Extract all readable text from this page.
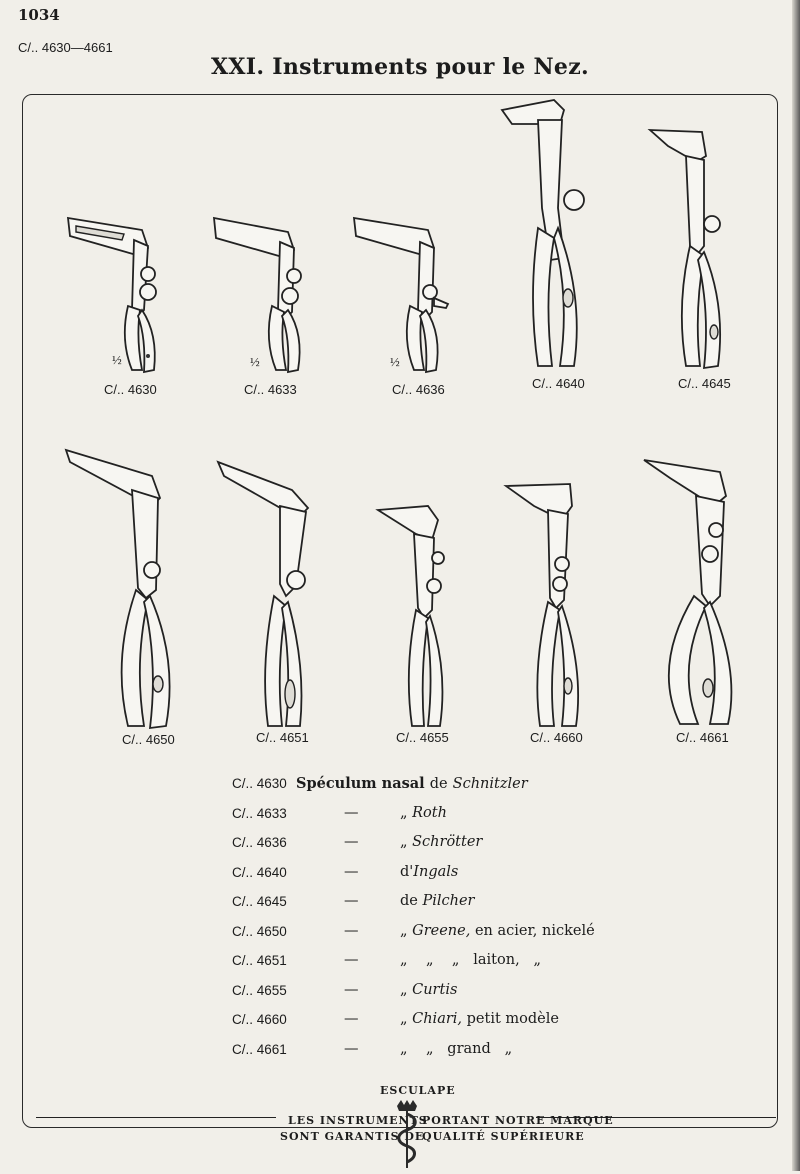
1034
C/.. 4630—4661
XXI. Instruments pour le Nez.
½
C/.. 4630
½
C/.. 4633
½
C/.. 4636	C/.. 4640	C/.. 4645
C/.. 4650	C/.. 4651	C/.. 4655	C/.. 4660	C/.. 4661
C/.. 4630 Spéculum nasal de Schnitzler
C/.. 4633	—	„ Roth
C/.. 4636	—	„ Schrötter
C/.. 4640	—	d'Ingals
C/.. 4645	—	de Pilcher
C/.. 4650	—	„ Greene, en acier, nickelé
C/.. 4651	—	„    „    „ laiton,   „
C/.. 4655	—	„ Curtis
C/.. 4660	—	„ Chiari, petit modèle
C/.. 4661	—	„    „ grand   „
ESCULAPE
LES INSTRUMENTS
SONT GARANTIS DE
PORTANT NOTRE MARQUE
QUALITÉ SUPÉRIEURE
